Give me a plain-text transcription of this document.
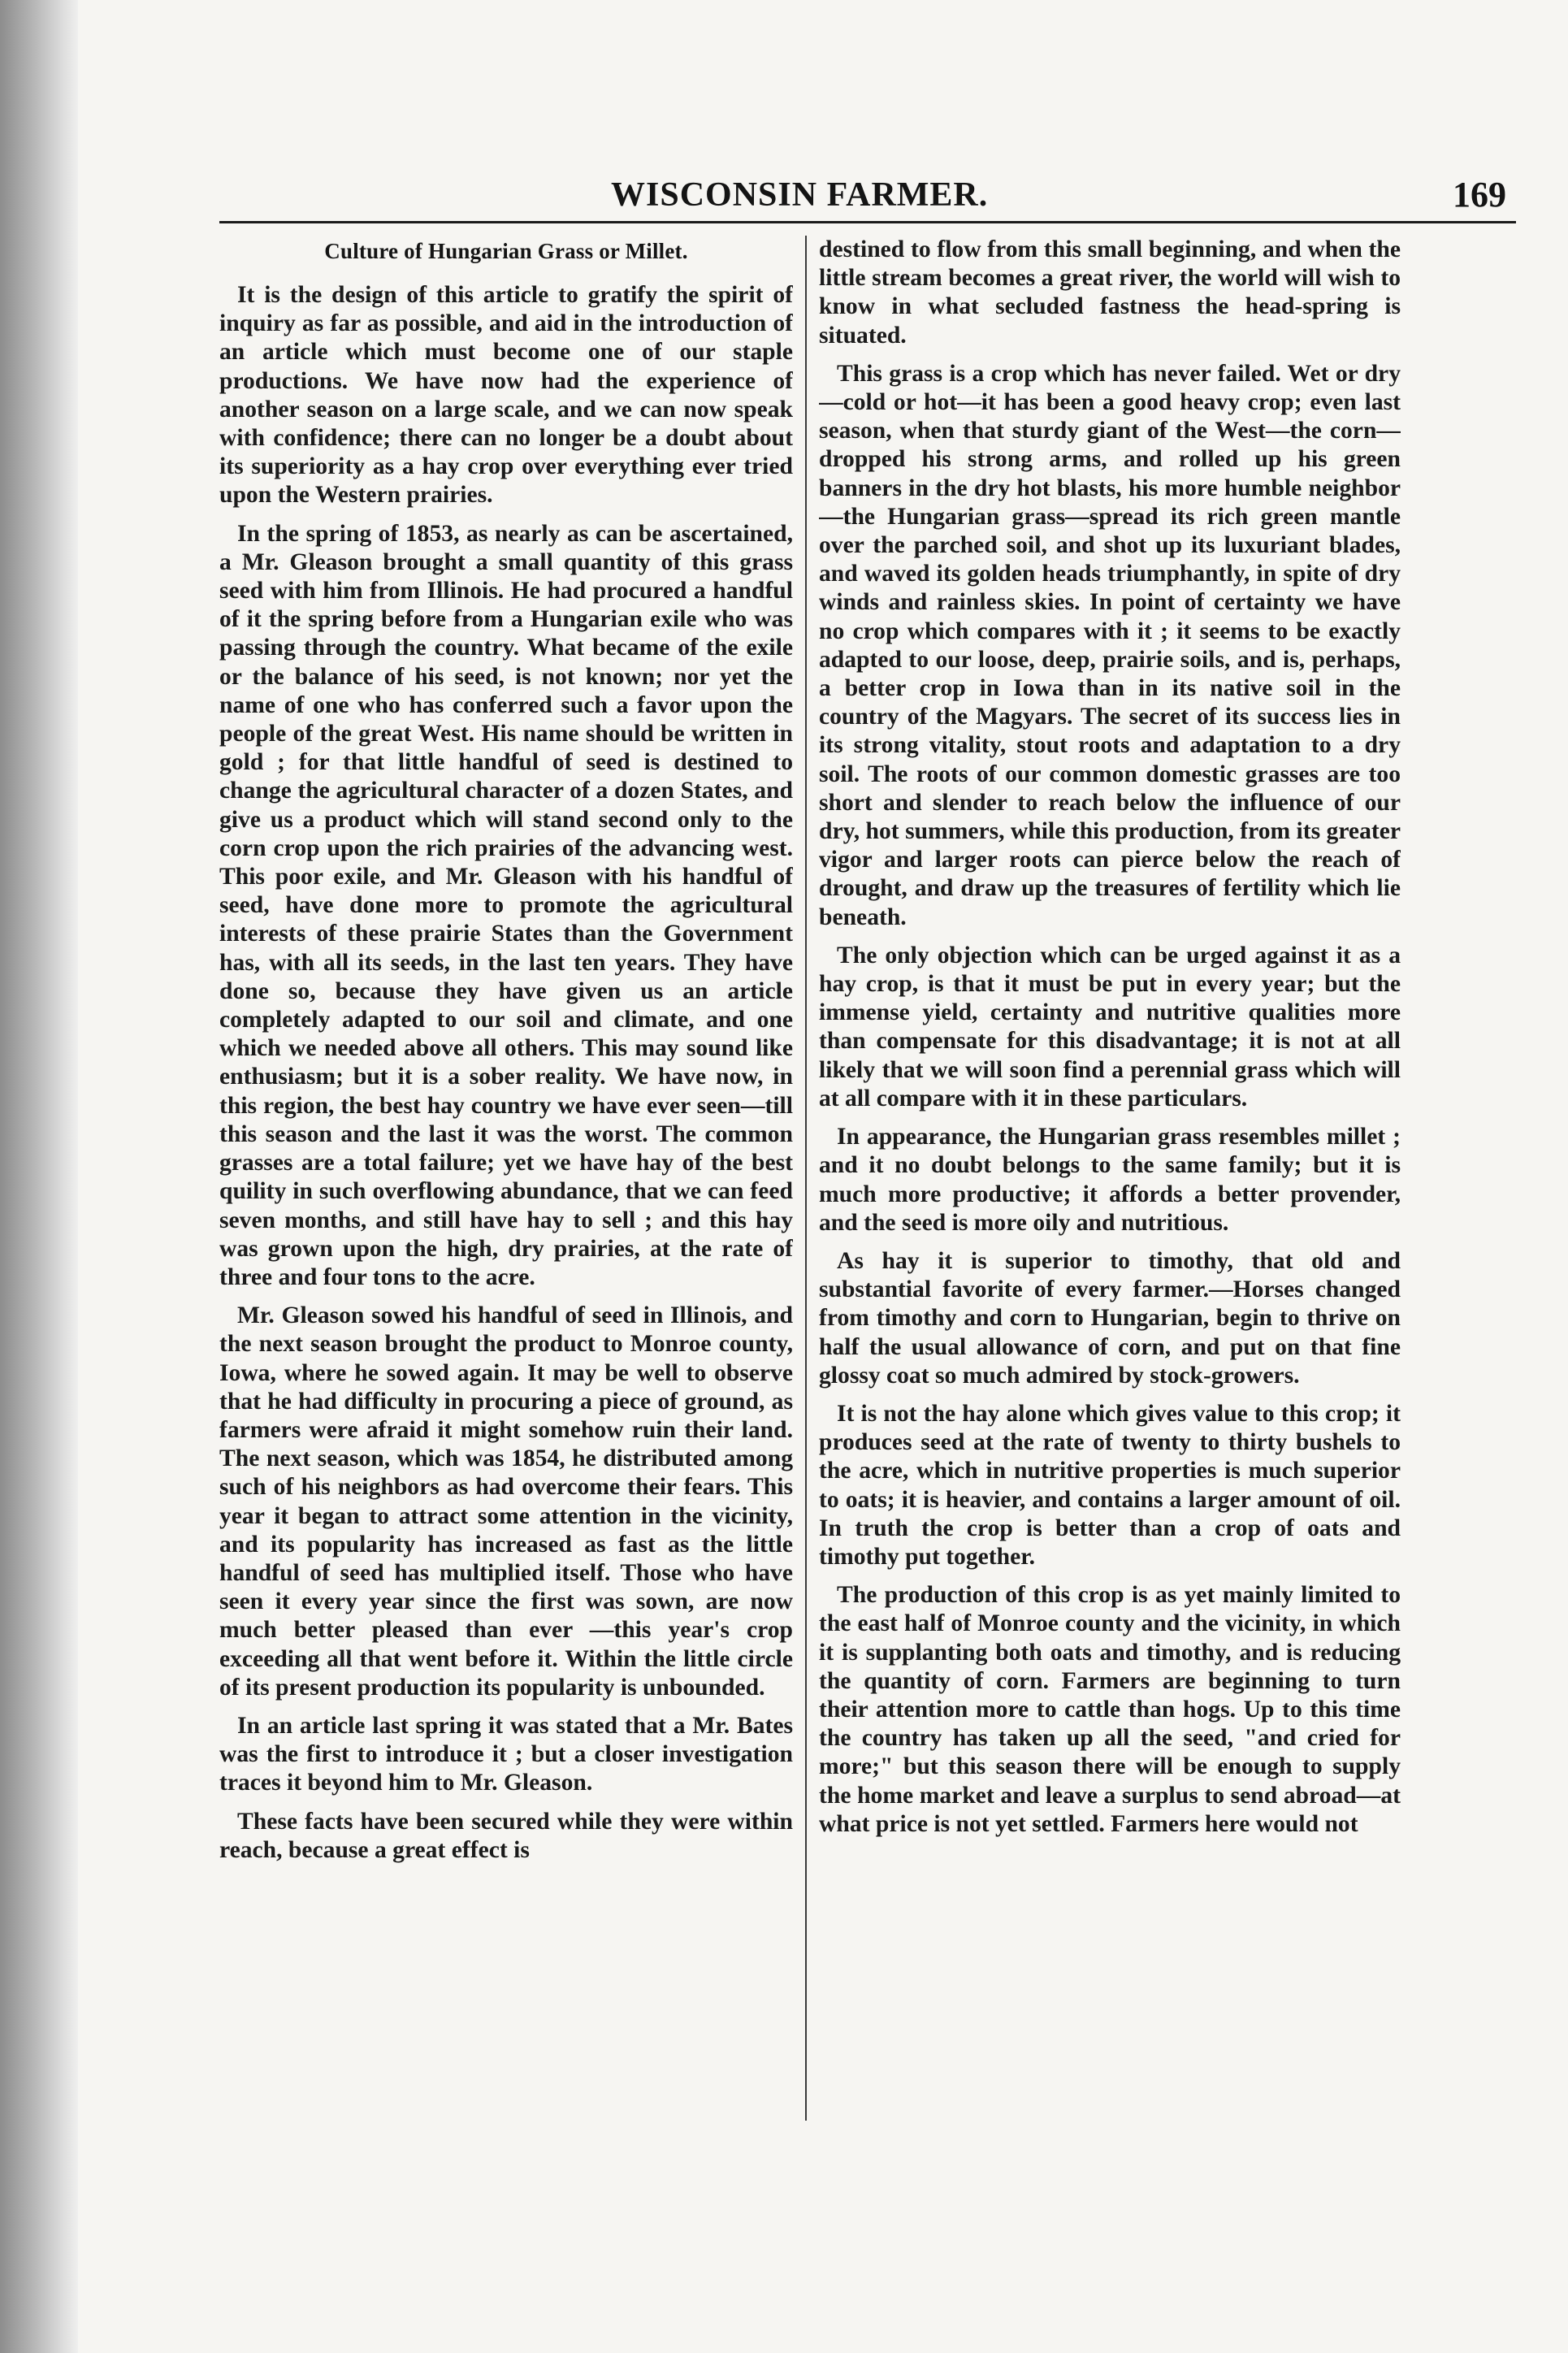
WISCONSIN FARMER.	169
Culture of Hungarian Grass or Millet.

It is the design of this article to gratify the spirit of inquiry as far as possible, and aid in the introduction of an article which must become one of our staple productions. We have now had the experience of another season on a large scale, and we can now speak with confidence; there can no longer be a doubt about its superiority as a hay crop over everything ever tried upon the Western prairies.

In the spring of 1853, as nearly as can be ascertained, a Mr. Gleason brought a small quantity of this grass seed with him from Illinois. He had procured a handful of it the spring before from a Hungarian exile who was passing through the country. What became of the exile or the balance of his seed, is not known; nor yet the name of one who has conferred such a favor upon the people of the great West. His name should be written in gold ; for that little handful of seed is destined to change the agricultural character of a dozen States, and give us a product which will stand second only to the corn crop upon the rich prairies of the advancing west. This poor exile, and Mr. Gleason with his handful of seed, have done more to promote the agricultural interests of these prairie States than the Government has, with all its seeds, in the last ten years. They have done so, because they have given us an article completely adapted to our soil and climate, and one which we needed above all others. This may sound like enthusiasm; but it is a sober reality. We have now, in this region, the best hay country we have ever seen—till this season and the last it was the worst. The common grasses are a total failure; yet we have hay of the best quility in such overflowing abundance, that we can feed seven months, and still have hay to sell ; and this hay was grown upon the high, dry prairies, at the rate of three and four tons to the acre.

Mr. Gleason sowed his handful of seed in Illinois, and the next season brought the product to Monroe county, Iowa, where he sowed again. It may be well to observe that he had difficulty in procuring a piece of ground, as farmers were afraid it might somehow ruin their land. The next season, which was 1854, he distributed among such of his neighbors as had overcome their fears. This year it began to attract some attention in the vicinity, and its popularity has increased as fast as the little handful of seed has multiplied itself. Those who have seen it every year since the first was sown, are now much better pleased than ever —this year's crop exceeding all that went before it. Within the little circle of its present production its popularity is unbounded.

In an article last spring it was stated that a Mr. Bates was the first to introduce it ; but a closer investigation traces it beyond him to Mr. Gleason.

These facts have been secured while they were within reach, because a great effect is

destined to flow from this small beginning, and when the little stream becomes a great river, the world will wish to know in what secluded fastness the head-spring is situated.

This grass is a crop which has never failed. Wet or dry—cold or hot—it has been a good heavy crop; even last season, when that sturdy giant of the West—the corn—dropped his strong arms, and rolled up his green banners in the dry hot blasts, his more humble neighbor—the Hungarian grass—spread its rich green mantle over the parched soil, and shot up its luxuriant blades, and waved its golden heads triumphantly, in spite of dry winds and rainless skies. In point of certainty we have no crop which compares with it ; it seems to be exactly adapted to our loose, deep, prairie soils, and is, perhaps, a better crop in Iowa than in its native soil in the country of the Magyars. The secret of its success lies in its strong vitality, stout roots and adaptation to a dry soil. The roots of our common domestic grasses are too short and slender to reach below the influence of our dry, hot summers, while this production, from its greater vigor and larger roots can pierce below the reach of drought, and draw up the treasures of fertility which lie beneath.

The only objection which can be urged against it as a hay crop, is that it must be put in every year; but the immense yield, certainty and nutritive qualities more than compensate for this disadvantage; it is not at all likely that we will soon find a perennial grass which will at all compare with it in these particulars.

In appearance, the Hungarian grass resembles millet ; and it no doubt belongs to the same family; but it is much more productive; it affords a better provender, and the seed is more oily and nutritious.

As hay it is superior to timothy, that old and substantial favorite of every farmer.—Horses changed from timothy and corn to Hungarian, begin to thrive on half the usual allowance of corn, and put on that fine glossy coat so much admired by stock-growers.

It is not the hay alone which gives value to this crop; it produces seed at the rate of twenty to thirty bushels to the acre, which in nutritive properties is much superior to oats; it is heavier, and contains a larger amount of oil. In truth the crop is better than a crop of oats and timothy put together.

The production of this crop is as yet mainly limited to the east half of Monroe county and the vicinity, in which it is supplanting both oats and timothy, and is reducing the quantity of corn. Farmers are beginning to turn their attention more to cattle than hogs. Up to this time the country has taken up all the seed, "and cried for more;" but this season there will be enough to supply the home market and leave a surplus to send abroad—at what price is not yet settled. Farmers here would not
